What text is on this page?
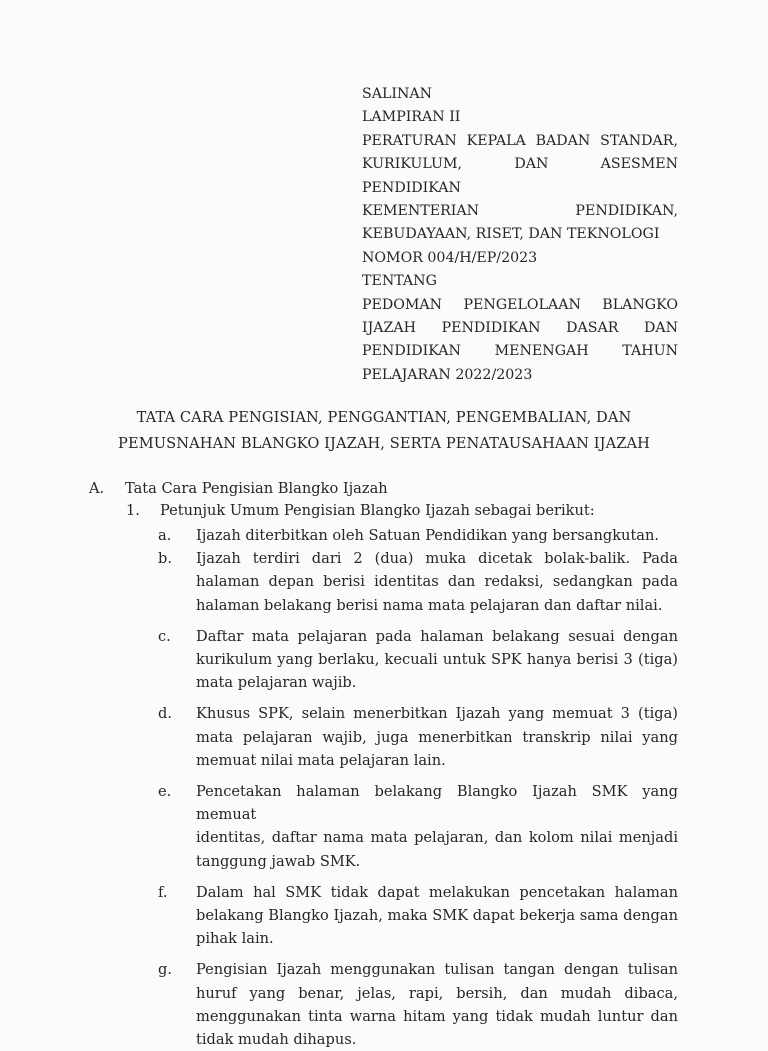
SALINAN
LAMPIRAN II
PERATURAN KEPALA BADAN STANDAR,
KURIKULUM, DAN ASESMEN
PENDIDIKAN
KEMENTERIAN PENDIDIKAN,
KEBUDAYAAN, RISET, DAN TEKNOLOGI
NOMOR 004/H/EP/2023
TENTANG
PEDOMAN PENGELOLAAN BLANGKO
IJAZAH PENDIDIKAN DASAR DAN
PENDIDIKAN MENENGAH TAHUN
PELAJARAN 2022/2023
TATA CARA PENGISIAN, PENGGANTIAN, PENGEMBALIAN, DAN
PEMUSNAHAN BLANGKO IJAZAH, SERTA PENATAUSAHAAN IJAZAH
A. Tata Cara Pengisian Blangko Ijazah
1. Petunjuk Umum Pengisian Blangko Ijazah sebagai berikut:
a. Ijazah diterbitkan oleh Satuan Pendidikan yang bersangkutan.
b. Ijazah terdiri dari 2 (dua) muka dicetak bolak-balik. Pada
halaman depan berisi identitas dan redaksi, sedangkan pada
halaman belakang berisi nama mata pelajaran dan daftar nilai.
c. Daftar mata pelajaran pada halaman belakang sesuai dengan
kurikulum yang berlaku, kecuali untuk SPK hanya berisi 3 (tiga)
mata pelajaran wajib.
d. Khusus SPK, selain menerbitkan Ijazah yang memuat 3 (tiga)
mata pelajaran wajib, juga menerbitkan transkrip nilai yang
memuat nilai mata pelajaran lain.
e. Pencetakan halaman belakang Blangko Ijazah SMK yang memuat
identitas, daftar nama mata pelajaran, dan kolom nilai menjadi
tanggung jawab SMK.
f. Dalam hal SMK tidak dapat melakukan pencetakan halaman
belakang Blangko Ijazah, maka SMK dapat bekerja sama dengan
pihak lain.
g. Pengisian Ijazah menggunakan tulisan tangan dengan tulisan
huruf yang benar, jelas, rapi, bersih, dan mudah dibaca,
menggunakan tinta warna hitam yang tidak mudah luntur dan
tidak mudah dihapus.
